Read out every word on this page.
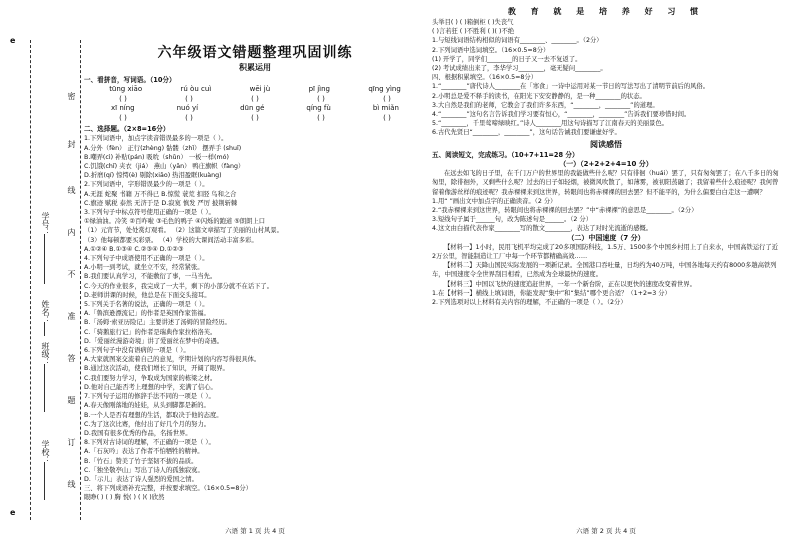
e
e
学号：
姓名：
班级：
学校：
密
封
线
内
不
准
答
题
订
线
六年级语文错题整理巩固训练
积累运用
一、看拼音，写词语。（10分）
tūng xiāo	rú òu cuì	wēi jù	pī jìng	qīng yìng
( )	( )	( )	( )	( )
xī níng	nuó yí	dūn gé	qíng fù	bì miǎn
( )	( )	( )	( )	( )
二、选择题。（2×8=16分）
1.下列词语中，加点字读音错误最多的一项是（ ）。
A.分外（fèn） 正行(zhèng) 骷髅（zhǐ） 摆弄手 (shuǐ)
B.嘲弄(cì) 补贴(pán) 吸吮（shǔn） 一板一样(mó)
C.饥饿(chǐ) 夹衣（jiá） 燕山（yān） 鸭庄旗帜（fàng）
D.折磨(qí) 惊愕(è) 剔除(xiāo) 热泪盈眶(kuàng)
2.下列词语中，字形错误最少的一项是（ ）。
A.无涯 蛇聚 书籍 万不得已 B.惊慌 蓑荒 扣胫 鸟和之合
C.旗迹 赋税 泰然 无济于是 D.寂寞 慎发 严厉 披荆斩棘
3.下列句子中标点符号使用正确的一项是（ ）。
①绿油油。冷笑 ②百咋啦 ③毛色的鸭子 ④闪烁的跑道 ⑤朗朗上口
（1）元宵节，处处赏灯观看。 （2）这篇文章描写了美丽的山村风景。
（3）他每顿都要买彩票。 （4）学校的大课间活动丰富多彩。
A.①②④ B.①③④ C.②③④ D.①②③
4.下列句子中成语使用不正确的一项是（ ）。
A.小明一到考试，就坐立不安，经常紧张。
B.我们要认真学习，不能敷衍了事，一马当先。
C.今天的作业很多，我完成了一大半，剩下的小部分就不在话下了。
D.老师讲课的时候，他总是在下面交头接耳。
5.下列关于名著的说法，正确的一项是（ ）。
A.「鲁滨逊漂流记」的作者是英国作家笛福。
B.「汤姆·索亚历险记」主要讲述了汤姆的冒险经历。
C.「骑鹅旅行记」的作者是瑞典作家拉格洛芙。
D.「爱丽丝漫游奇境」讲了爱丽丝在梦中的奇遇。
6.下列句子中没有语病的一项是（ ）。
A.大家就图案交流着自己的意见，学期计划的内容写得很具体。
B.通过这次活动，使我们增长了知识，开阔了眼界。
C.我们要努力学习，争取成为国家的栋梁之材。
D.他对自己能否考上理想的中学，充满了信心。
7.下列句子运用的修辞手法不同的一项是（ ）。
A.春天像刚落地的娃娃，从头到脚都是新的。
B.一个人是否有理想的生活，都取决于他的态度。
C.为了这次比赛，他付出了好几个月的努力。
D.我国有很多优秀的作品，名扬世界。
8.下列对古诗词的理解，不正确的一项是（ ）。
A.「石灰吟」表达了作者不怕牺牲的精神。
B.「竹石」赞美了竹子坚韧不拔的品质。
C.「独坐敬亭山」写出了诗人的孤独寂寞。
D.「示儿」表达了诗人强烈的爱国之情。
三、将下列成语补充完整，并按要求填空。（16×0.5=8分）
眼睁( ) ( ) 胸 悦( ) ( )( )欣然
六语 第 1 页 共 4 页
教 育 就 是 培 养 好 习 惯
头举目( ) ( )箱倒柜 ( )失丧气
( )言若狂 ( )不胜利 ( )( )不绝
1.与短线词语结构相似的词语有________、________。（2分）
2.下列词语中选词填空。（16×0.5=8分）
(1) 开学了，同学们________的日子又一去不复返了。
(2) 考试成绩出来了，李华学习________，毫无疑问________。
四、根据积累填空。（16×0.5=8分）
1.“________”唐代诗人________在「寒食」一诗中运用对某一节日的写法写出了清明节前后的风俗。
2.小明总是爱不释手的读书，在阳光下安安静静的，是一种________的状态。
3.大自然是我们的老师，它教会了我们许多东西，“________，________”的道理。
4.“________”这句名言告诉我们学习要有恒心，“________，________”告诉我们要珍惜时间。
5.“________，千里莺啼绿映红。”诗人________用这句诗描写了江南春天的美丽景色。
6.古代先贤曰“________，________”，这句话告诫我们要谦虚好学。
阅读感悟
五、阅读短文，完成练习。（10+7+11=28 分）
（一）（2+2+2+4=10 分）
在远去如飞的日子里，在千门万户的世界里的我能做些什么呢？只有徘徊（huái）罢了，只有匆匆罢了；在八千多日的匆匆里，除徘徊外，又剩些什么呢？过去的日子如轻烟，被微风吹散了，如薄雾，被初阳蒸融了；我留着些什么痕迹呢？我何曾留着像游丝样的痕迹呢？我赤裸裸来到这世界，转眼间也将赤裸裸的回去罢？但不能平的，为什么偏要白白走这一遭啊？
1.用“ ”画出文中加点字的正确读音。（2 分）
2.“我赤裸裸来到这世界，转眼间也将赤裸裸的回去罢？”中“赤裸裸”的意思是________。（2分）
3.短线句子属于______句，改为陈述句是______。（2 分）
4.这文由白描代表作家________写的散文________，表达了对时光流逝的感慨。
（二）中国速度（7 分）
【材料一】1小时，民用飞机平均完成了20多项国防科技，1.5万、1500多个中国乡村用上了自来水，中国高铁运行了近2万公里，智能制造让工厂中每一个环节都精确高效……
【材料二】天降山国民实际发展的一项新记录。全国港口吞吐量，日均约为40万吨，中国各地每天约有8000多趟高铁列车，中国速度令全世界刮目相看，已然成为全球最快的速度。
【材料三】中国以飞快的速度追赶世界，一年一个新台阶，正在以更快的速度改变着世界。
1.在【材料一】横线上填词语，你能发现“集中”和“集结”哪个更合适？（1+2=3 分）
2.下列选项对以上材料有关内容的理解，不正确的一项是（ ）。（2分）
六语 第 2 页 共 4 页
